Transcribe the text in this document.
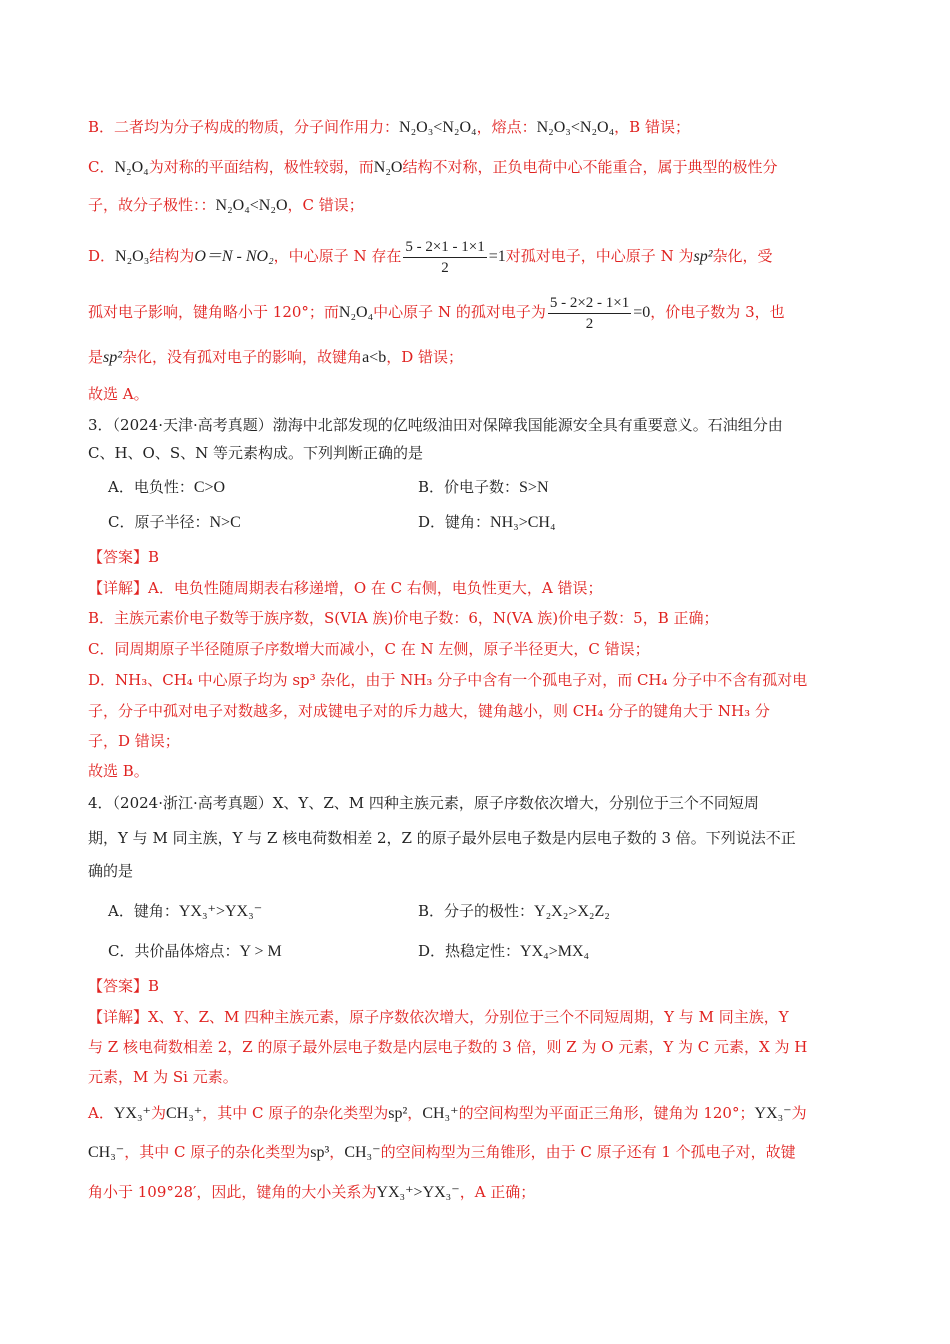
B．二者均为分子构成的物质，分子间作用力：N₂O₃<N₂O₄，熔点：N₂O₃<N₂O₄，B 错误；
C．N₂O₄为对称的平面结构，极性较弱，而N₂O结构不对称，正负电荷中心不能重合，属于典型的极性分
子，故分子极性：：N₂O₄<N₂O，C 错误；
D．N₂O₃结构为O＝N - NO₂，中心原子 N 存在 $\frac{5 - 2\times 1 - 1\times 1}{2} =1$对孤对电子，中心原子 N 为sp²杂化，受
孤对电子影响，键角略小于 120°；而N₂O₄中心原子 N 的孤对电子为 $\frac{5 - 2\times 2 - 1\times 1}{2} =0$，价电子数为 3，也
是sp²杂化，没有孤对电子的影响，故键角a<b，D 错误；
故选 A。
3．（2024·天津·高考真题）渤海中北部发现的亿吨级油田对保障我国能源安全具有重要意义。石油组分由
C、H、O、S、N 等元素构成。下列判断正确的是
A．电负性：C>O	B．价电子数：S>N
C．原子半径：N>C	D．键角：NH₃>CH₄
【答案】B
【详解】A．电负性随周期表右移递增，O 在 C 右侧，电负性更大，A 错误；
B．主族元素价电子数等于族序数，S(VIA 族)价电子数：6，N(VA 族)价电子数：5，B 正确；
C．同周期原子半径随原子序数增大而减小，C 在 N 左侧，原子半径更大，C 错误；
D．NH₃、CH₄ 中心原子均为 sp³ 杂化，由于 NH₃ 分子中含有一个孤电子对，而 CH₄ 分子中不含有孤对电
子，分子中孤对电子对数越多，对成键电子对的斥力越大，键角越小，则 CH₄ 分子的键角大于 NH₃ 分
子，D 错误；
故选 B。
4．（2024·浙江·高考真题）X、Y、Z、M 四种主族元素，原子序数依次增大，分别位于三个不同短周
期，Y 与 M 同主族，Y 与 Z 核电荷数相差 2，Z 的原子最外层电子数是内层电子数的 3 倍。下列说法不正
确的是
A．键角：YX₃⁺>YX₃⁻	B．分子的极性：Y₂X₂>X₂Z₂
C．共价晶体熔点：Y > M	D．热稳定性：YX₄>MX₄
【答案】B
【详解】X、Y、Z、M 四种主族元素，原子序数依次增大，分别位于三个不同短周期，Y 与 M 同主族，Y
与 Z 核电荷数相差 2，Z 的原子最外层电子数是内层电子数的 3 倍，则 Z 为 O 元素，Y 为 C 元素，X 为 H
元素，M 为 Si 元素。
A．YX₃⁺为CH₃⁺，其中 C 原子的杂化类型为sp²，CH₃⁺的空间构型为平面正三角形，键角为 120°；YX₃⁻为
CH₃⁻，其中 C 原子的杂化类型为sp³，CH₃⁻的空间构型为三角锥形，由于 C 原子还有 1 个孤电子对，故键
角小于 109°28′，因此，键角的大小关系为YX₃⁺>YX₃⁻，A 正确；
